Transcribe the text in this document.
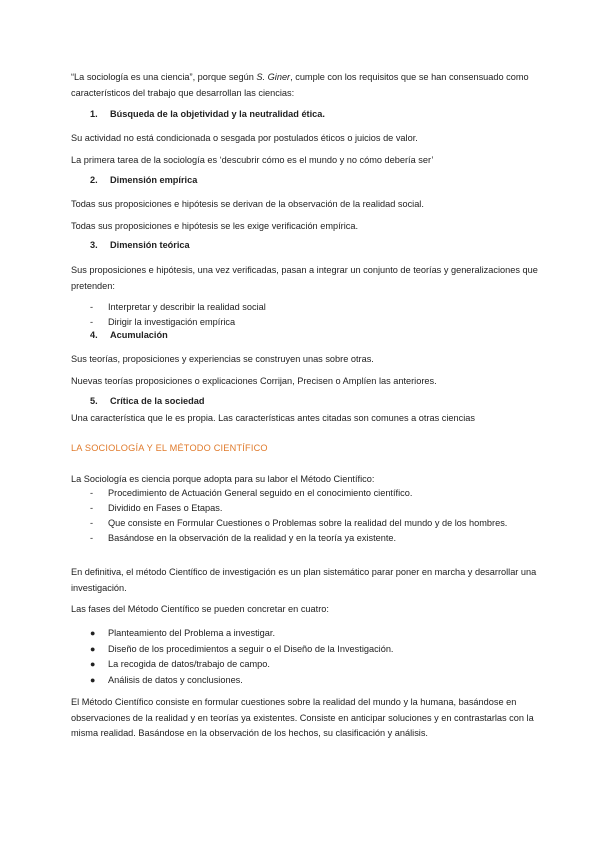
“La sociología es una ciencia”, porque según S. Giner, cumple con los requisitos que se han consensuado como característicos del trabajo que desarrollan las ciencias:

1. Búsqueda de la objetividad y la neutralidad ética.

Su actividad no está condicionada o sesgada por postulados éticos o juicios de valor.

La primera tarea de la sociología es ‘descubrir cómo es el mundo y no cómo debería ser’

2. Dimensión empírica

Todas sus proposiciones e hipótesis se derivan de la observación de la realidad social.

Todas sus proposiciones e hipótesis se les exige verificación empírica.

3. Dimensión teórica

Sus proposiciones e hipótesis, una vez verificadas, pasan a integrar un conjunto de teorías y generalizaciones que pretenden:

-	Interpretar y describir la realidad social
-	Dirigir la investigación empírica
4. Acumulación

Sus teorías, proposiciones y experiencias se construyen unas sobre otras.

Nuevas teorías proposiciones o explicaciones Corrijan, Precisen o Amplíen las anteriores.

5. Crítica de la sociedad

Una característica que le es propia. Las características antes citadas son comunes a otras ciencias

LA SOCIOLOGÍA Y EL MÉTODO CIENTÍFICO

La Sociología es ciencia porque adopta para su labor el Método Científico:

-	Procedimiento de Actuación General seguido en el conocimiento científico.
-	Dividido en Fases o Etapas.
-	Que consiste en Formular Cuestiones o Problemas sobre la realidad del mundo y de los hombres.
-	Basándose en la observación de la realidad y en la teoría ya existente.

En definitiva, el método Científico de investigación es un plan sistemático parar poner en marcha y desarrollar una investigación.

Las fases del Método Científico se pueden concretar en cuatro:

●	Planteamiento del Problema a investigar.
●	Diseño de los procedimientos a seguir o el Diseño de la Investigación.
●	La recogida de datos/trabajo de campo.
●	Análisis de datos y conclusiones.

El Método Científico consiste en formular cuestiones sobre la realidad del mundo y la humana, basándose en observaciones de la realidad y en teorías ya existentes. Consiste en anticipar soluciones y en contrastarlas con la misma realidad. Basándose en la observación de los hechos, su clasificación y análisis.
